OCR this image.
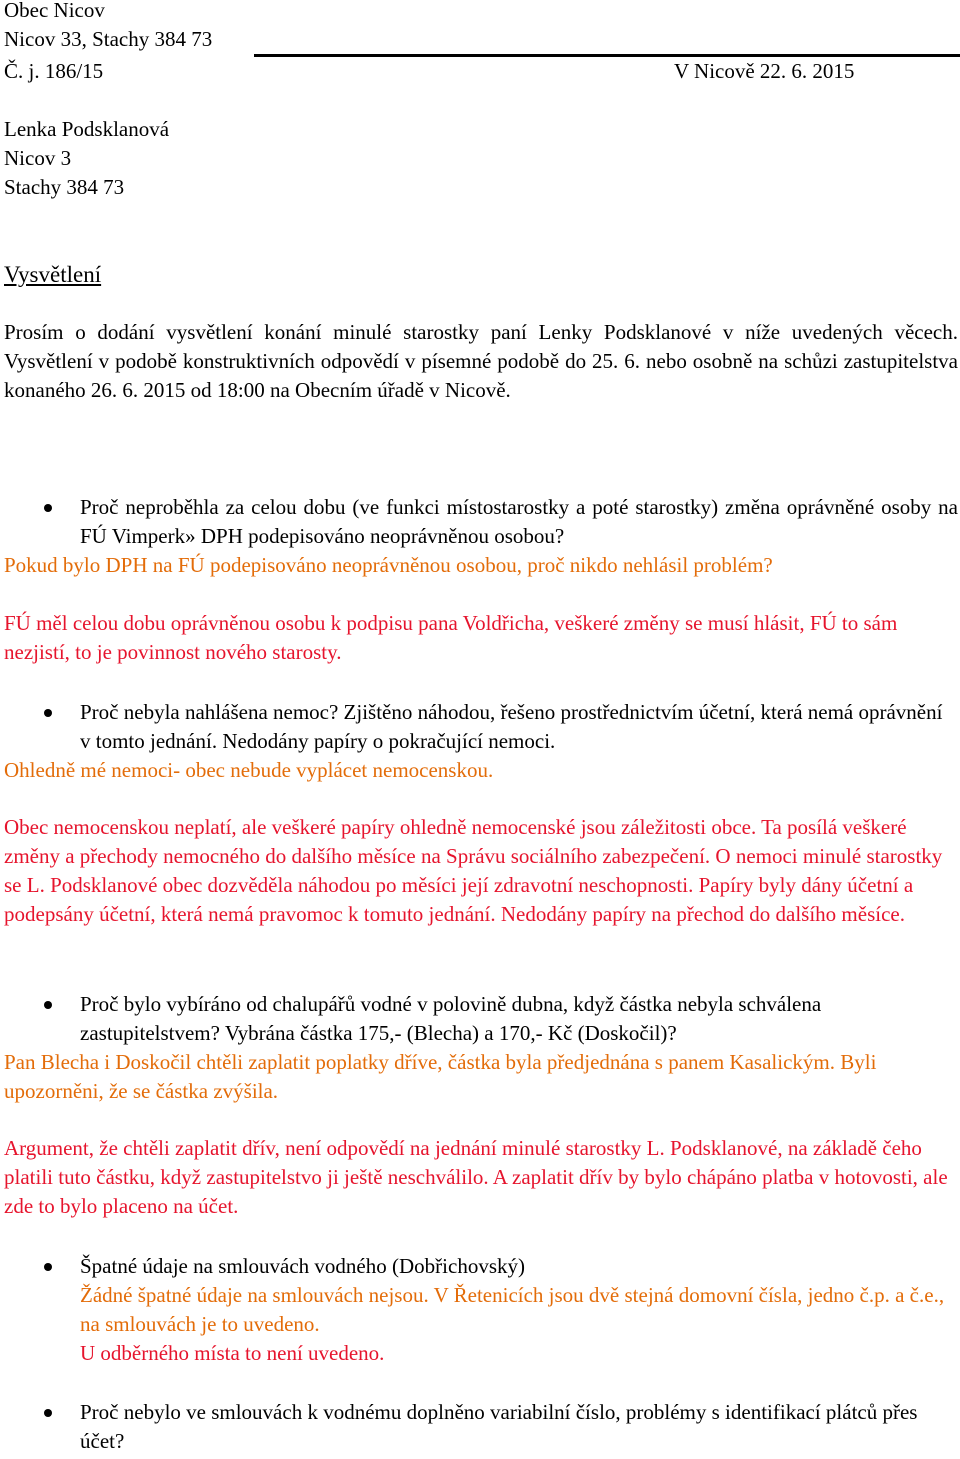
Obec Nicov

Nicov 33, Stachy 384 73

Č. j. 186/15	V Nicově 22. 6. 2015

Lenka Podsklanová

Nicov 3

Stachy 384 73

Vysvětlení

Prosím o dodání vysvětlení konání minulé starostky paní Lenky Podsklanové v níže uvedených věcech. Vysvětlení v podobě konstruktivních odpovědí v písemné podobě do 25. 6. nebo osobně na schůzi zastupitelstva konaného 26. 6. 2015 od 18:00 na Obecním úřadě v Nicově.

Proč neproběhla za celou dobu (ve funkci místostarostky a poté starostky) změna oprávněné osoby na FÚ Vimperk» DPH podepisováno neoprávněnou osobou?

Pokud bylo DPH na FÚ podepisováno neoprávněnou osobou, proč nikdo nehlásil problém?

FÚ měl celou dobu oprávněnou osobu k podpisu pana Voldřicha, veškeré změny se musí hlásit, FÚ to sám nezjistí, to je povinnost nového starosty.

Proč nebyla nahlášena nemoc? Zjištěno náhodou, řešeno prostřednictvím účetní, která nemá oprávnění v tomto jednání. Nedodány papíry o pokračující nemoci.

Ohledně mé nemoci- obec nebude vyplácet nemocenskou.

Obec nemocenskou neplatí, ale veškeré papíry ohledně nemocenské jsou záležitosti obce. Ta posílá veškeré změny a přechody nemocného do dalšího měsíce na Správu sociálního zabezpečení. O nemoci minulé starostky se L. Podsklanové obec dozvěděla náhodou po měsíci její zdravotní neschopnosti. Papíry byly dány účetní a podepsány účetní, která nemá pravomoc k tomuto jednání. Nedodány papíry na přechod do dalšího měsíce.

Proč bylo vybíráno od chalupářů vodné v polovině dubna, když částka nebyla schválena zastupitelstvem? Vybrána částka 175,- (Blecha) a 170,- Kč (Doskočil)?

Pan Blecha i Doskočil chtěli zaplatit poplatky dříve, částka byla předjednána s panem Kasalickým. Byli upozorněni, že se částka zvýšila.

Argument, že chtěli zaplatit dřív, není odpovědí na jednání minulé starostky L. Podsklanové, na základě čeho platili tuto částku, když zastupitelstvo ji ještě neschválilo. A zaplatit dřív by bylo chápáno platba v hotovosti, ale zde to bylo placeno na účet.

Špatné údaje na smlouvách vodného (Dobřichovský)

Žádné špatné údaje na smlouvách nejsou. V Řetenicích jsou dvě stejná domovní čísla, jedno č.p. a č.e., na smlouvách je to uvedeno.

U odběrného místa to není uvedeno.

Proč nebylo ve smlouvách k vodnému doplněno variabilní číslo, problémy s identifikací plátců přes účet?
